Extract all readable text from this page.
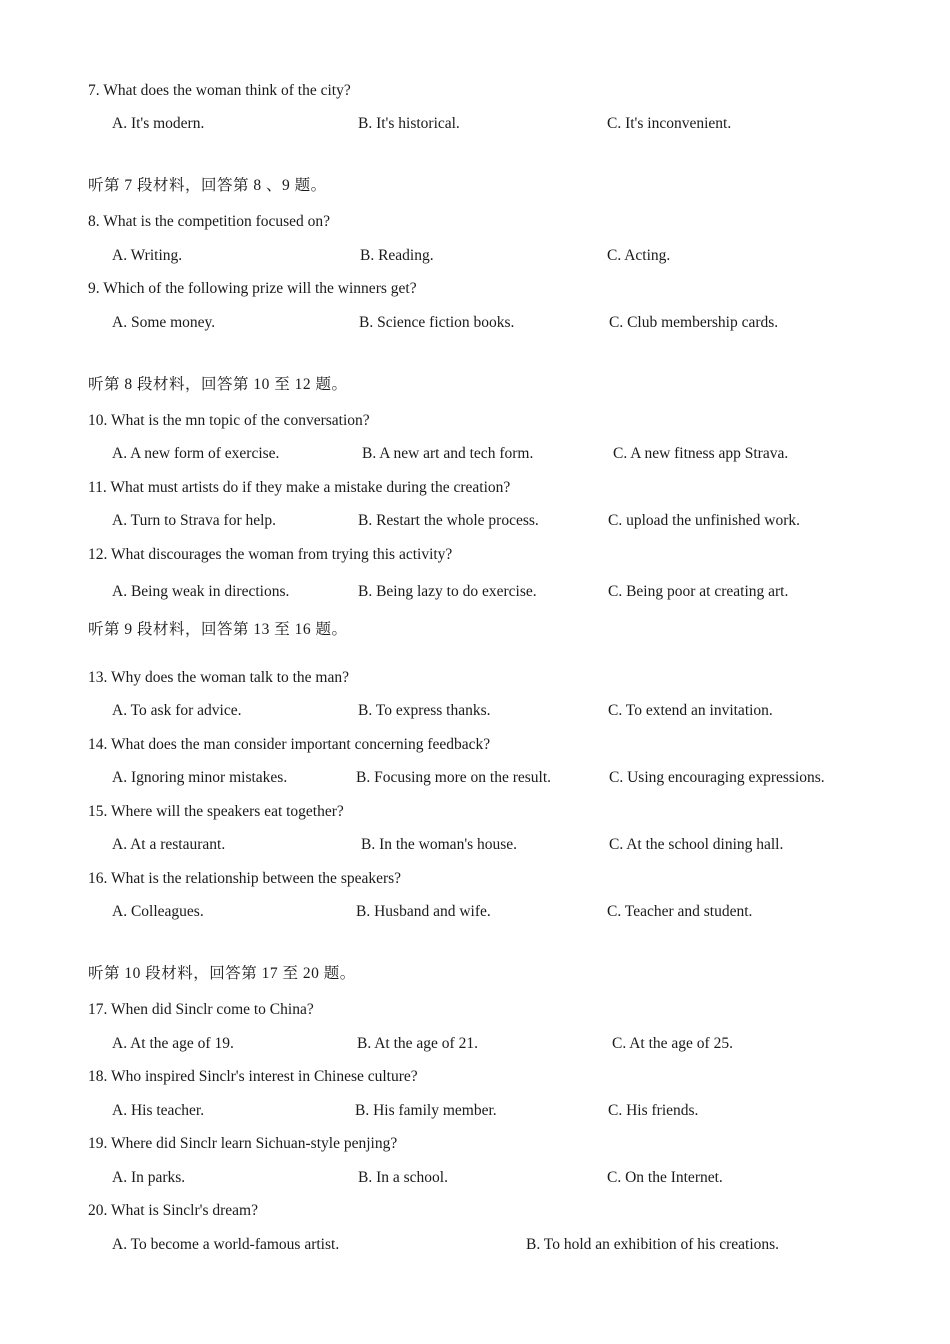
7. What does the woman think of the city?
A. It's modern.	B. It's historical.	C. It's inconvenient.
听第 7 段材料，回答第 8 、9 题。
8. What is the competition focused on?
A. Writing.	B. Reading.	C. Acting.
9. Which of the following prize will the winners get?
A. Some money.	B. Science fiction books.	C. Club membership cards.
听第 8 段材料，回答第 10 至 12 题。
10. What is the mn topic of the conversation?
A. A new form of exercise.	B. A new art and tech form.	C. A new fitness app Strava.
11. What must artists do if they make a mistake during the creation?
A. Turn to Strava for help.	B. Restart the whole process.	C. upload the unfinished work.
12. What discourages the woman from trying this activity?
A. Being weak in directions.	B. Being lazy to do exercise.	C. Being poor at creating art.
听第 9 段材料，回答第 13 至 16 题。
13. Why does the woman talk to the man?
A. To ask for advice.	B. To express thanks.	C. To extend an invitation.
14. What does the man consider important concerning feedback?
A. Ignoring minor mistakes.	B. Focusing more on the result.	C. Using encouraging expressions.
15. Where will the speakers eat together?
A. At a restaurant.	B. In the woman's house.	C. At the school dining hall.
16. What is the relationship between the speakers?
A. Colleagues.	B. Husband and wife.	C. Teacher and student.
听第 10 段材料，回答第 17 至 20 题。
17. When did Sinclr come to China?
A. At the age of 19.	B. At the age of 21.	C. At the age of 25.
18. Who inspired Sinclr's interest in Chinese culture?
A. His teacher.	B. His family member.	C. His friends.
19. Where did Sinclr learn Sichuan-style penjing?
A. In parks.	B. In a school.	C. On the Internet.
20. What is Sinclr's dream?
A. To become a world-famous artist.	B. To hold an exhibition of his creations.
